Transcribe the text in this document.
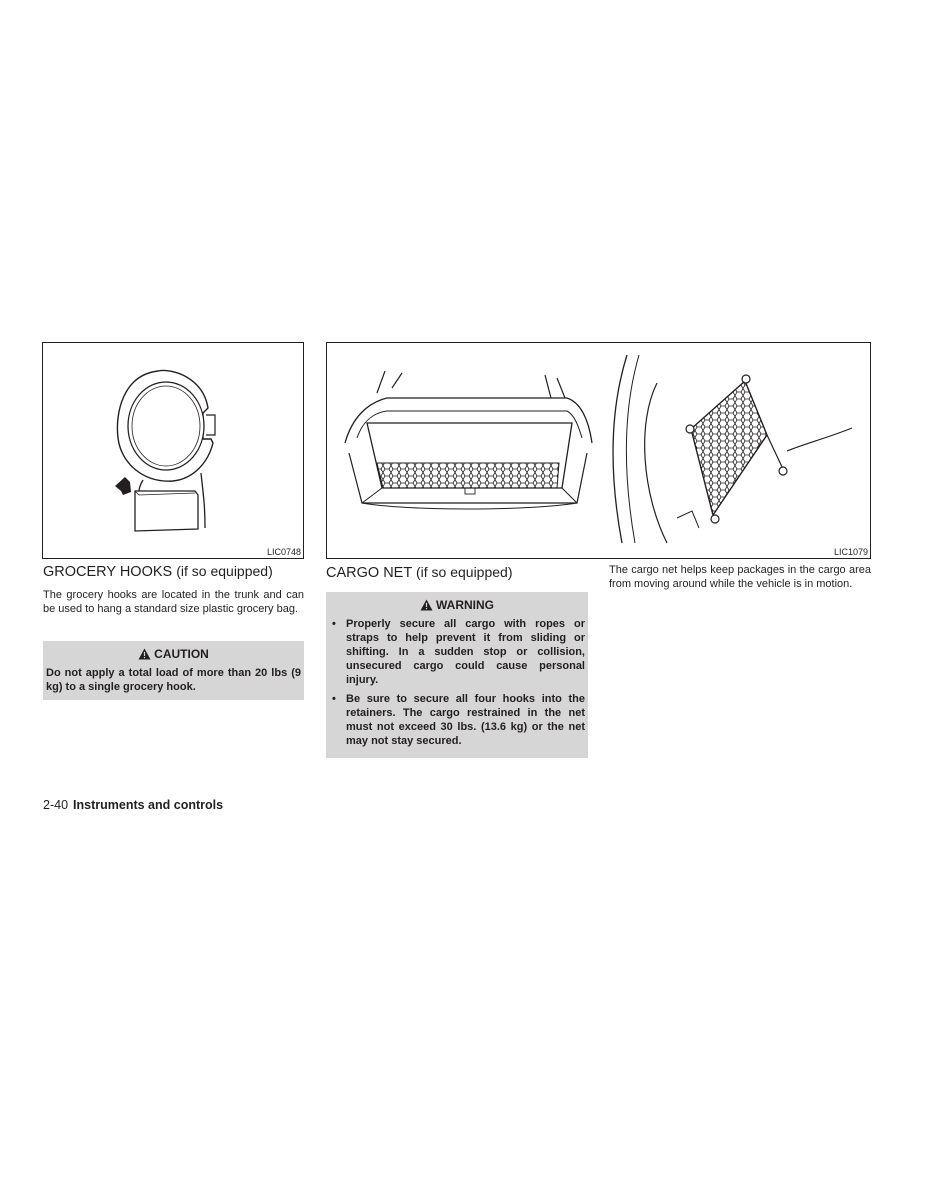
LIC0748	LIC1079
GROCERY HOOKS (if so equipped)

The grocery hooks are located in the trunk and can be used to hang a standard size plastic grocery bag.

CAUTION
Do not apply a total load of more than 20 lbs (9 kg) to a single grocery hook.
CARGO NET (if so equipped)
WARNING
• Properly secure all cargo with ropes or straps to help prevent it from sliding or shifting. In a sudden stop or collision, unsecured cargo could cause personal injury.
• Be sure to secure all four hooks into the retainers. The cargo restrained in the net must not exceed 30 lbs. (13.6 kg) or the net may not stay secured.

The cargo net helps keep packages in the cargo area from moving around while the vehicle is in motion.

2-40 Instruments and controls
